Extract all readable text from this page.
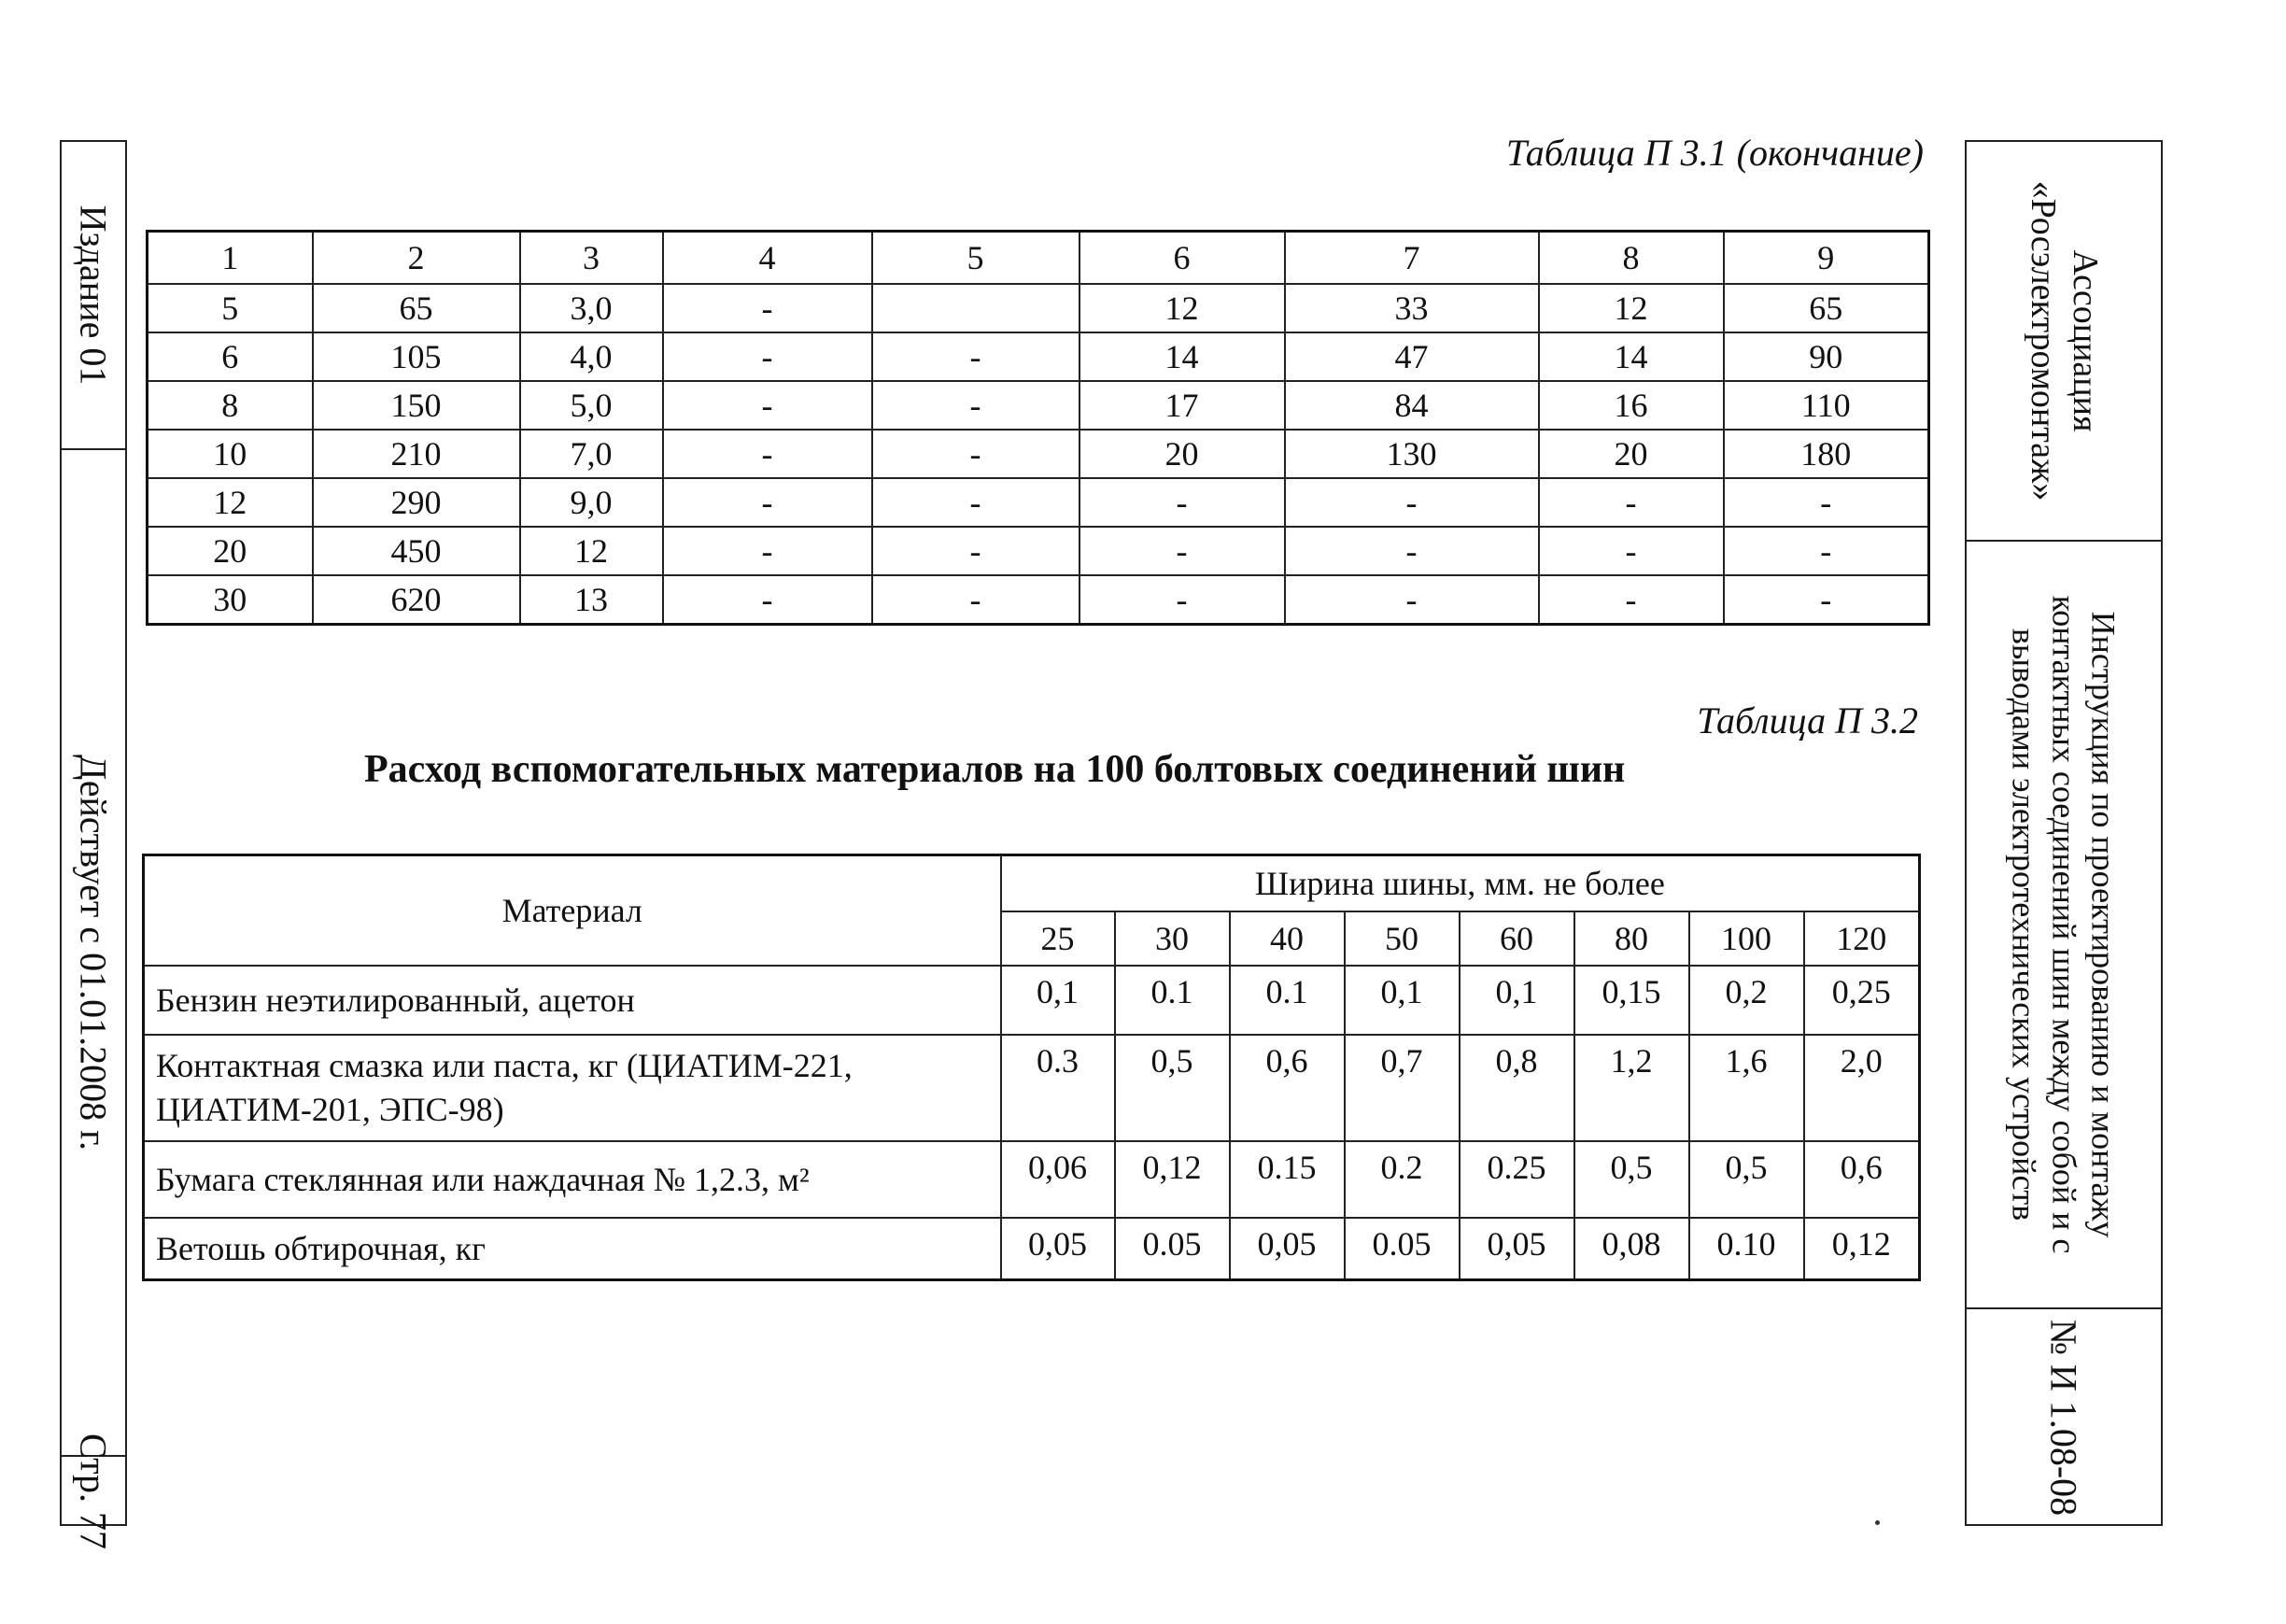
Издание 01
Действует с 01.01.2008 г.
Стр. 77
Ассоциация «Росэлектромонтаж»
Инструкция по проектированию и монтажу контактных соединений шин между собой и с выводами электротехнических устройств
№ И 1.08-08
Таблица П 3.1 (окончание)
1	2	3	4	5	6	7	8	9
5	65	3,0	-		12	33	12	65
6	105	4,0	-	-	14	47	14	90
8	150	5,0	-	-	17	84	16	110
10	210	7,0	-	-	20	130	20	180
12	290	9,0	-	-	-	-	-	-
20	450	12	-	-	-	-	-	-
30	620	13	-	-	-	-	-	-
Таблица П 3.2
Расход вспомогательных материалов на 100 болтовых соединений шин
Материал	Ширина шины, мм. не более							
	25	30	40	50	60	80	100	120
Бензин неэтилированный, ацетон	0,1	0.1	0.1	0,1	0,1	0,15	0,2	0,25
Контактная смазка или паста, кг (ЦИАТИМ-221, ЦИАТИМ-201, ЭПС-98)	0.3	0,5	0,6	0,7	0,8	1,2	1,6	2,0
Бумага стеклянная или наждачная № 1,2.3, м²	0,06	0,12	0.15	0.2	0.25	0,5	0,5	0,6
Ветошь обтирочная, кг	0,05	0.05	0,05	0.05	0,05	0,08	0.10	0,12
